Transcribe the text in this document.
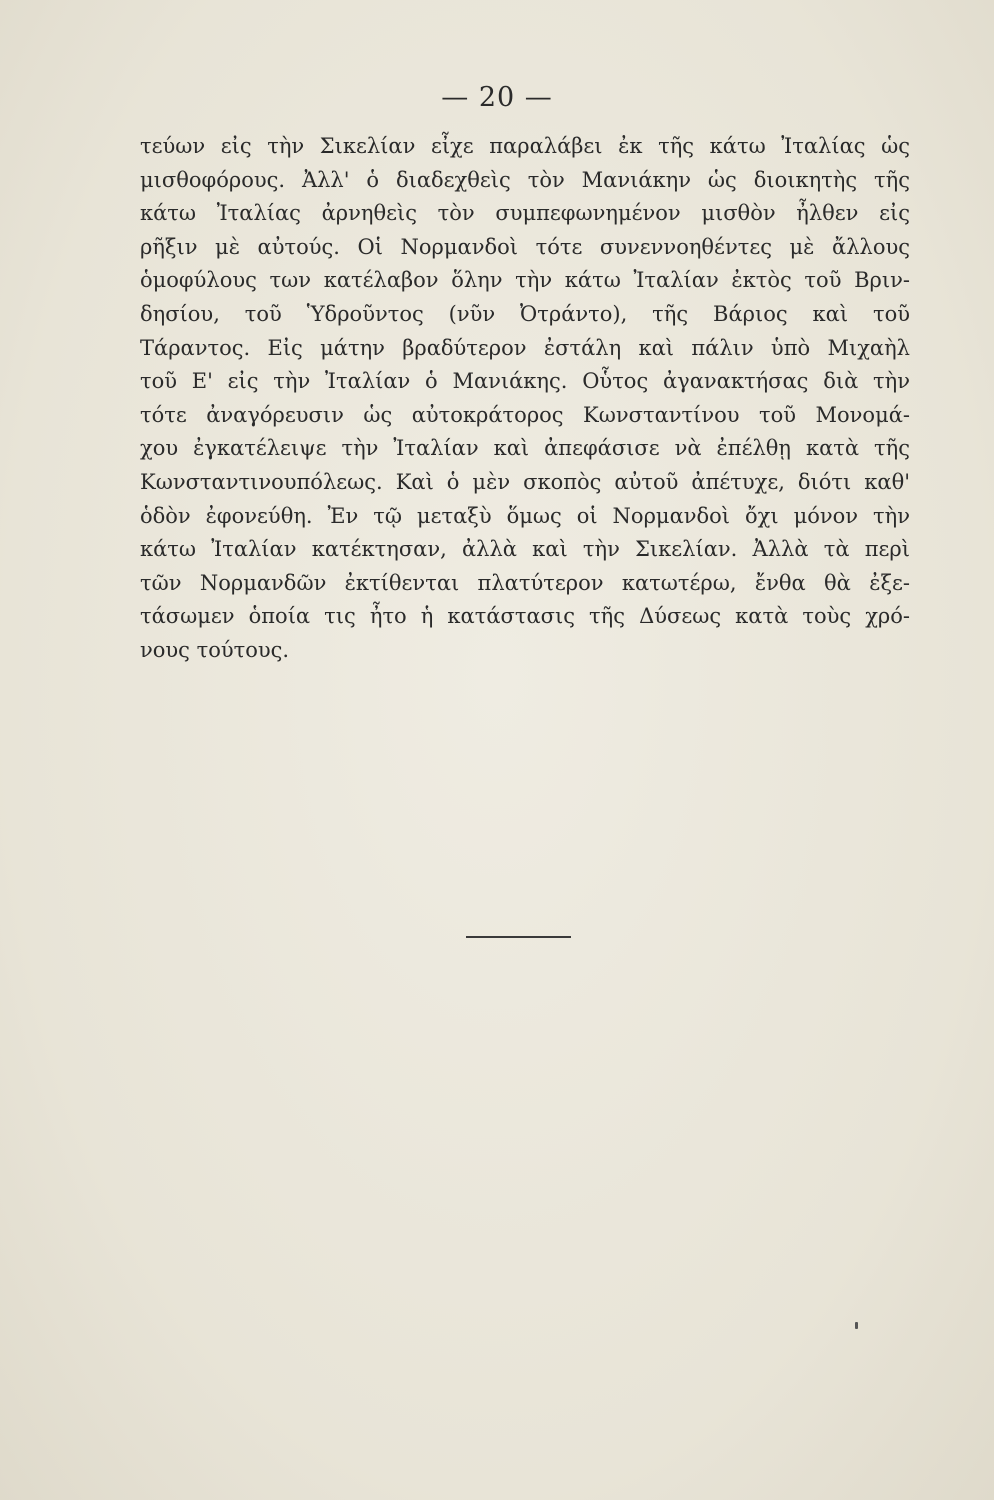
— 20 —
τεύων εἰς τὴν Σικελίαν εἶχε παραλάβει ἐκ τῆς κάτω Ἰταλίας ὡς
μισθοφόρους. Ἀλλ' ὁ διαδεχθεὶς τὸν Μανιάκην ὡς διοικητὴς τῆς
κάτω Ἰταλίας ἀρνηθεὶς τὸν συμπεφωνημένον μισθὸν ἦλθεν εἰς
ρῆξιν μὲ αὐτούς. Οἱ Νορμανδοὶ τότε συνεννοηθέντες μὲ ἄλλους
ὁμοφύλους των κατέλαβον ὅλην τὴν κάτω Ἰταλίαν ἐκτὸς τοῦ Βριν-
δησίου, τοῦ Ὑδροῦντος (νῦν Ὀτράντο), τῆς Βάριος καὶ τοῦ
Τάραντος. Εἰς μάτην βραδύτερον ἐστάλη καὶ πάλιν ὑπὸ Μιχαὴλ
τοῦ Ε' εἰς τὴν Ἰταλίαν ὁ Μανιάκης. Οὗτος ἀγανακτήσας διὰ τὴν
τότε ἀναγόρευσιν ὡς αὐτοκράτορος Κωνσταντίνου τοῦ Μονομά-
χου ἐγκατέλειψε τὴν Ἰταλίαν καὶ ἀπεφάσισε νὰ ἐπέλθῃ κατὰ τῆς
Κωνσταντινουπόλεως. Καὶ ὁ μὲν σκοπὸς αὐτοῦ ἀπέτυχε, διότι καθ'
ὁδὸν ἐφονεύθη. Ἐν τῷ μεταξὺ ὅμως οἱ Νορμανδοὶ ὄχι μόνον τὴν
κάτω Ἰταλίαν κατέκτησαν, ἀλλὰ καὶ τὴν Σικελίαν. Ἀλλὰ τὰ περὶ
τῶν Νορμανδῶν ἐκτίθενται πλατύτερον κατωτέρω, ἔνθα θὰ ἐξε-
τάσωμεν ὁποία τις ἦτο ἡ κατάστασις τῆς Δύσεως κατὰ τοὺς χρό-
νους τούτους.
